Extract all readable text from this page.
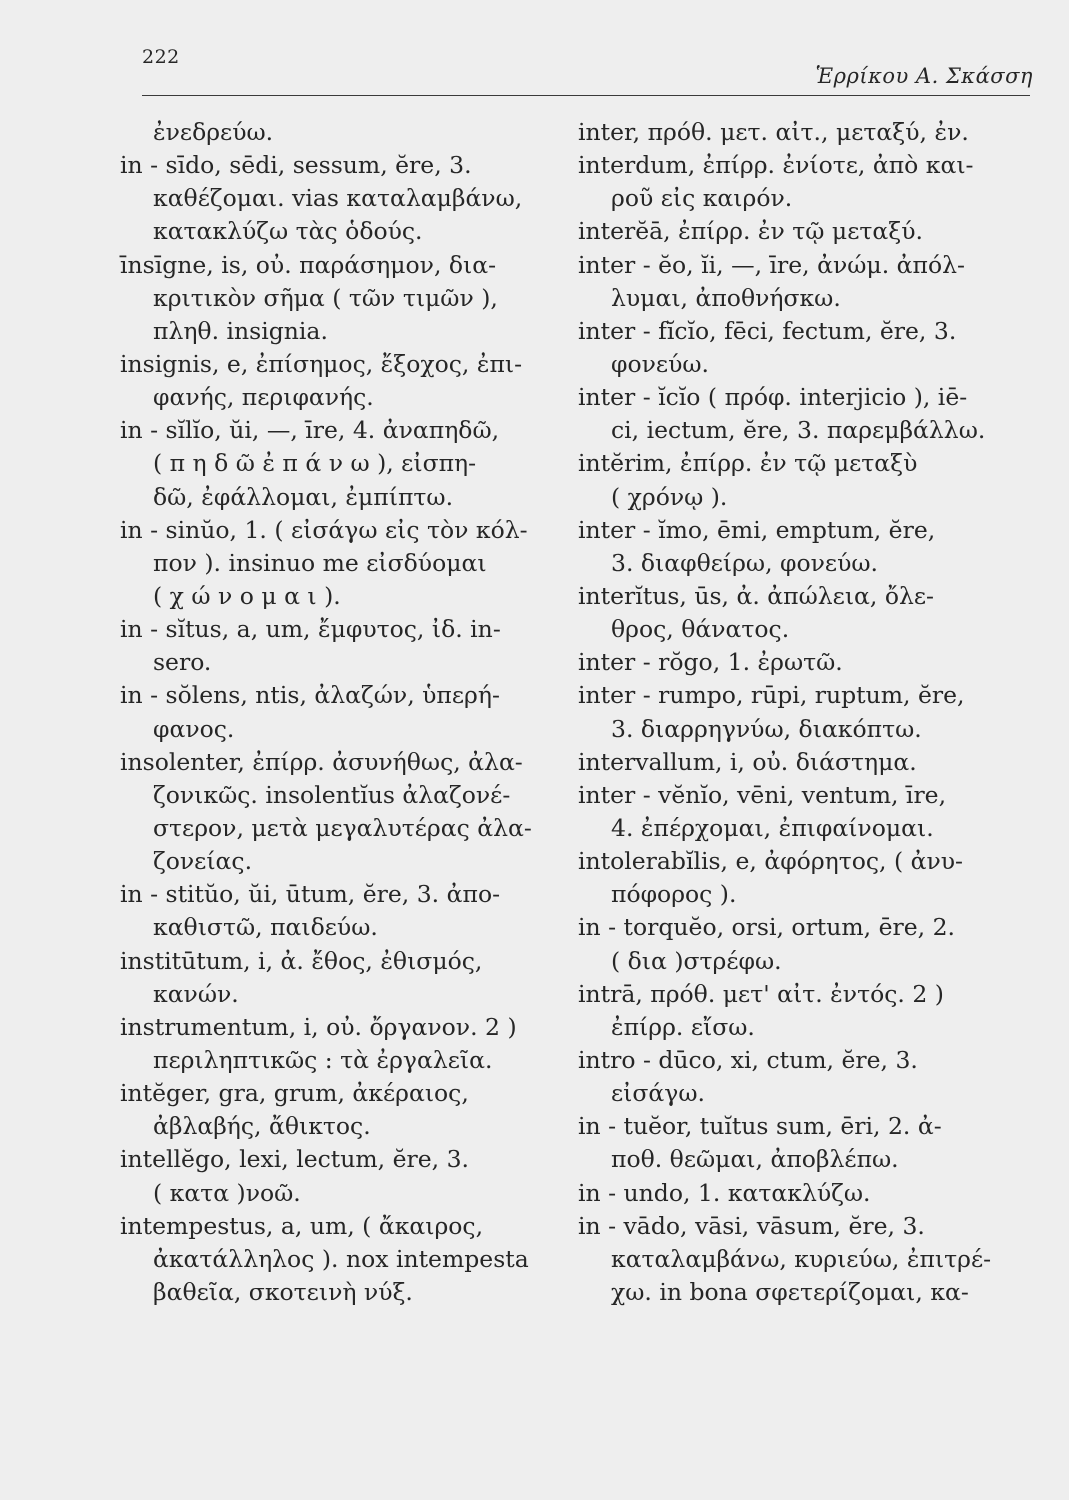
222
Ἑρρίκου Α. Σκάσση
ἐνεδρεύω.
in - sīdo, sēdi, sessum, ĕre, 3.
καθέζομαι. vias καταλαμβάνω,
κατακλύζω τὰς ὁδούς.
īnsīgne, is, οὐ. παράσημον, δια-
κριτικὸν σῆμα ( τῶν τιμῶν ),
πληθ. insignia.
insignis, e, ἐπίσημος, ἔξοχος, ἐπι-
φανής, περιφανής.
in - sĭlĭo, ŭi, —, īre, 4. ἀναπηδῶ,
( π η δ ῶ ἐ π ά ν ω ), εἰσπη-
δῶ, ἐφάλλομαι, ἐμπίπτω.
in - sinŭo, 1. ( εἰσάγω εἰς τὸν κόλ-
πον ). insinuo me εἰσδύομαι
( χ ώ ν ο μ α ι ).
in - sĭtus, a, um, ἔμφυτος, ἰδ. in-
sero.
in - sŏlens, ntis, ἀλαζών, ὑπερή-
φανος.
insolenter, ἐπίρρ. ἀσυνήθως, ἀλα-
ζονικῶς. insolentĭus ἀλαζονέ-
στερον, μετὰ μεγαλυτέρας ἀλα-
ζονείας.
in - stitŭo, ŭi, ūtum, ĕre, 3. ἀπο-
καθιστῶ, παιδεύω.
institūtum, i, ἀ. ἔθος, ἐθισμός,
κανών.
instrumentum, i, οὐ. ὄργανον. 2 )
περιληπτικῶς : τὰ ἐργαλεῖα.
intĕger, gra, grum, ἀκέραιος,
ἀβλαβής, ἄθικτος.
intellĕgo, lexi, lectum, ĕre, 3.
( κατα )νοῶ.
intempestus, a, um, ( ἄκαιρος,
ἀκατάλληλος ). nox intempesta
βαθεῖα, σκοτεινὴ νύξ.
inter, πρόθ. μετ. αἰτ., μεταξύ, ἐν.
interdum, ἐπίρρ. ἐνίοτε, ἀπὸ και-
ροῦ εἰς καιρόν.
interĕā, ἐπίρρ. ἐν τῷ μεταξύ.
inter - ĕo, ĭi, —, īre, ἀνώμ. ἀπόλ-
λυμαι, ἀποθνήσκω.
inter - fĭcĭo, fēci, fectum, ĕre, 3.
φονεύω.
inter - ĭcĭo ( πρόφ. interjicio ), iē-
ci, iectum, ĕre, 3. παρεμβάλλω.
intĕrim, ἐπίρρ. ἐν τῷ μεταξὺ
( χρόνῳ ).
inter - ĭmo, ēmi, emptum, ĕre,
3. διαφθείρω, φονεύω.
interĭtus, ūs, ἀ. ἀπώλεια, ὄλε-
θρος, θάνατος.
inter - rŏgo, 1. ἐρωτῶ.
inter - rumpo, rūpi, ruptum, ĕre,
3. διαρρηγνύω, διακόπτω.
intervallum, i, οὐ. διάστημα.
inter - vĕnĭo, vēni, ventum, īre,
4. ἐπέρχομαι, ἐπιφαίνομαι.
intolerabĭlis, e, ἀφόρητος, ( ἀνυ-
πόφορος ).
in - torquĕo, orsi, ortum, ēre, 2.
( δια )στρέφω.
intrā, πρόθ. μετ' αἰτ. ἐντός. 2 )
ἐπίρρ. εἴσω.
intro - dūco, xi, ctum, ĕre, 3.
εἰσάγω.
in - tuĕor, tuĭtus sum, ēri, 2. ἀ-
ποθ. θεῶμαι, ἀποβλέπω.
in - undo, 1. κατακλύζω.
in - vādo, vāsi, vāsum, ĕre, 3.
καταλαμβάνω, κυριεύω, ἐπιτρέ-
χω. in bona σφετερίζομαι, κα-
